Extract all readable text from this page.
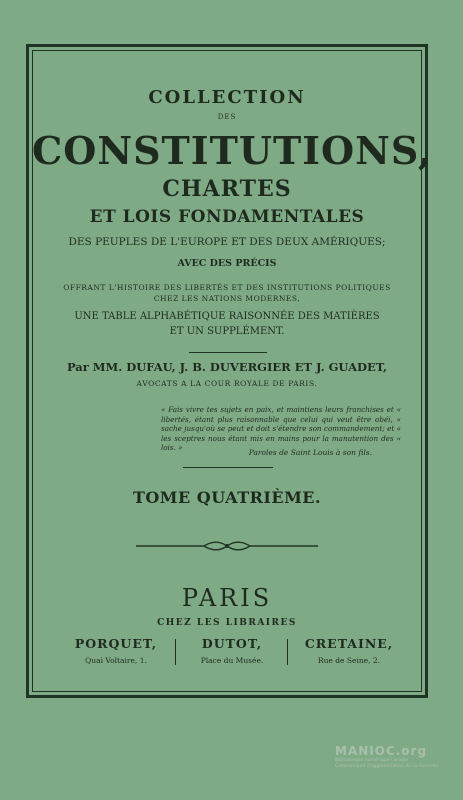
COLLECTION
DES
CONSTITUTIONS,
CHARTES
ET LOIS FONDAMENTALES
DES PEUPLES DE L'EUROPE ET DES DEUX AMÉRIQUES;
AVEC DES PRÉCIS
OFFRANT L'HISTOIRE DES LIBERTÉS ET DES INSTITUTIONS POLITIQUES
CHEZ LES NATIONS MODERNES,
UNE TABLE ALPHABÉTIQUE RAISONNÉE DES MATIÈRES
ET UN SUPPLÉMENT.
Par MM. DUFAU, J. B. DUVERGIER ET J. GUADET,
AVOCATS A LA COUR ROYALE DE PARIS.
« Fais vivre tes sujets en paix, et maintiens leurs franchises et « libertés, étant plus raisonnable que celui qui veut être obéi, « sache jusqu'où se peut et doit s'étendre son commandement; et « les sceptres nous étant mis en mains pour la manutention des « lois. »
Paroles de Saint Louis à son fils.
TOME QUATRIÈME.
PARIS
CHEZ LES LIBRAIRES
PORQUET,
Quai Voltaire, 1.
DUTOT,
Place du Musée.
CRETAINE,
Rue de Seine, 2.
MANIOC.org
Bibliothèque numérique Caraïbe
Communauté d'agglomération de La Rochelle
